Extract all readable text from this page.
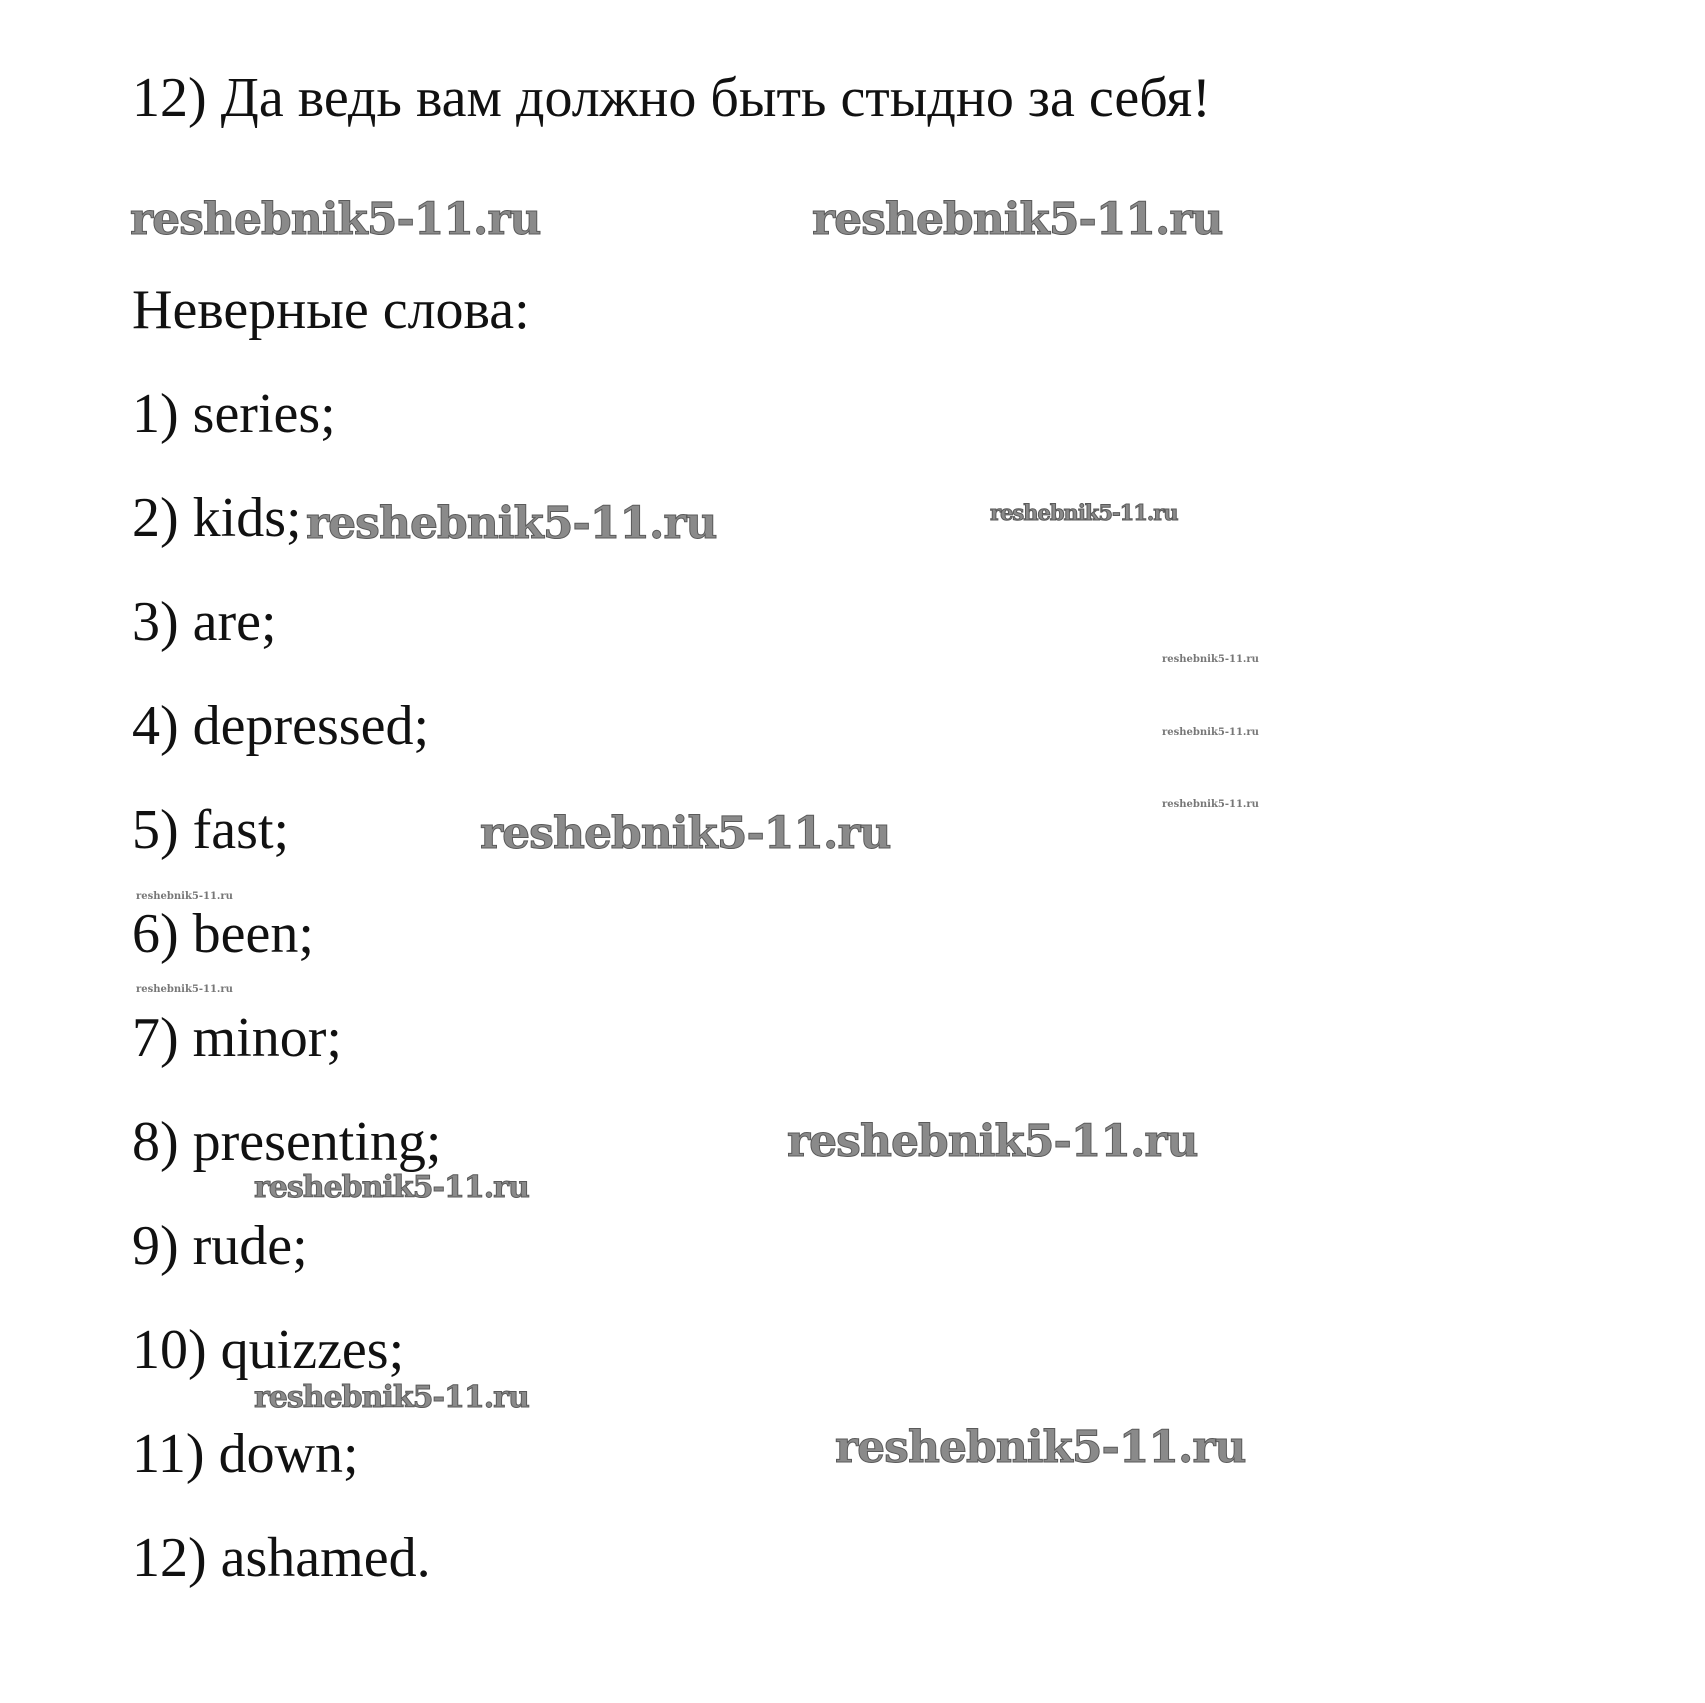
12) Да ведь вам должно быть стыдно за себя!
Неверные слова:
1) series;
2) kids;
3) are;
4) depressed;
5) fast;
6) been;
7) minor;
8) presenting;
9) rude;
10) quizzes;
11) down;
12) ashamed.
reshebnik5-11.ru	reshebnik5-11.ru
reshebnik5-11.ru	reshebnik5-11.ru
reshebnik5-11.ru
reshebnik5-11.ru
reshebnik5-11.ru
reshebnik5-11.ru
reshebnik5-11.ru
reshebnik5-11.ru
reshebnik5-11.ru
reshebnik5-11.ru
reshebnik5-11.ru
reshebnik5-11.ru
